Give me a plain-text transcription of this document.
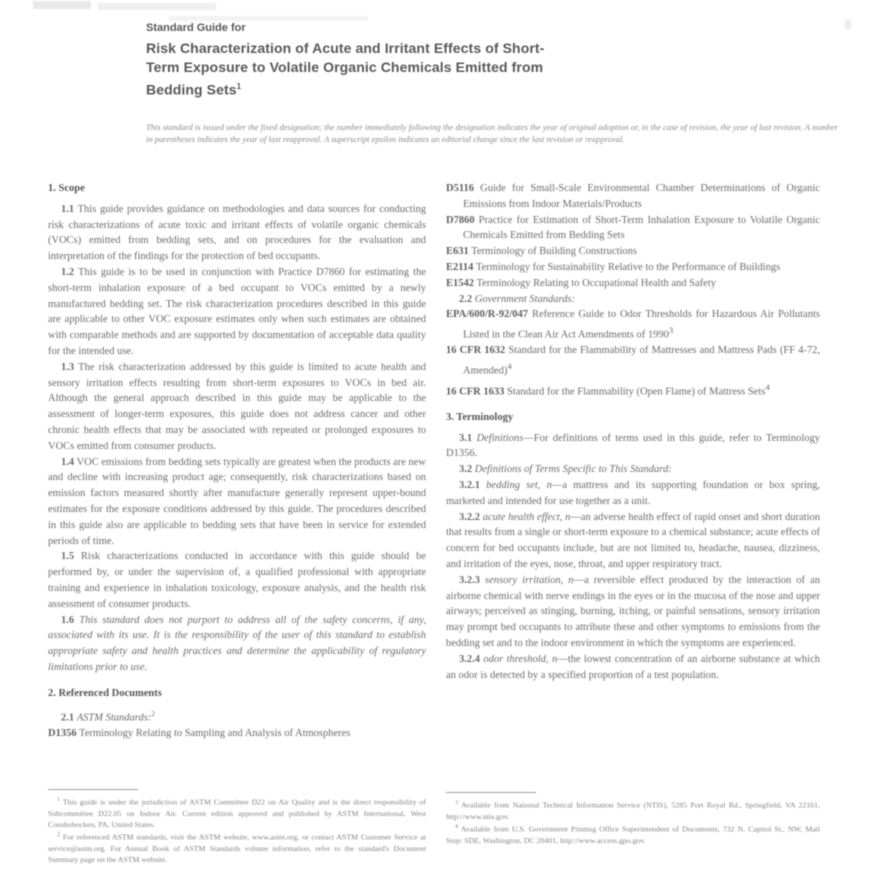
Standard Guide for
Risk Characterization of Acute and Irritant Effects of Short-
Term Exposure to Volatile Organic Chemicals Emitted from
Bedding Sets$^1$
This standard is issued under the fixed designation; the number immediately following the designation indicates the year of original adoption or, in the case of revision, the year of last revision. A number in parentheses indicates the year of last reapproval. A superscript epsilon indicates an editorial change since the last revision or reapproval.
1. Scope

1.1 This guide provides guidance on methodologies and data sources for conducting risk characterizations of acute toxic and irritant effects of volatile organic chemicals (VOCs) emitted from bedding sets, and on procedures for the evaluation and interpretation of the findings for the protection of bed occupants.

1.2 This guide is to be used in conjunction with Practice D7860 for estimating the short-term inhalation exposure of a bed occupant to VOCs emitted by a newly manufactured bedding set. The risk characterization procedures described in this guide are applicable to other VOC exposure estimates only when such estimates are obtained with comparable methods and are supported by documentation of acceptable data quality for the intended use.

1.3 The risk characterization addressed by this guide is limited to acute health and sensory irritation effects resulting from short-term exposures to VOCs in bed air. Although the general approach described in this guide may be applicable to the assessment of longer-term exposures, this guide does not address cancer and other chronic health effects that may be associated with repeated or prolonged exposures to VOCs emitted from consumer products.

1.4 VOC emissions from bedding sets typically are greatest when the products are new and decline with increasing product age; consequently, risk characterizations based on emission factors measured shortly after manufacture generally represent upper-bound estimates for the exposure conditions addressed by this guide. The procedures described in this guide also are applicable to bedding sets that have been in service for extended periods of time.

1.5 Risk characterizations conducted in accordance with this guide should be performed by, or under the supervision of, a qualified professional with appropriate training and experience in inhalation toxicology, exposure analysis, and the health risk assessment of consumer products.

1.6 This standard does not purport to address all of the safety concerns, if any, associated with its use. It is the responsibility of the user of this standard to establish appropriate safety and health practices and determine the applicability of regulatory limitations prior to use.

2. Referenced Documents

2.1 ASTM Standards:$^2$

D1356 Terminology Relating to Sampling and Analysis of Atmospheres
D5116 Guide for Small-Scale Environmental Chamber Determinations of Organic Emissions from Indoor Materials/Products
D7860 Practice for Estimation of Short-Term Inhalation Exposure to Volatile Organic Chemicals Emitted from Bedding Sets
E631 Terminology of Building Constructions
E2114 Terminology for Sustainability Relative to the Performance of Buildings
E1542 Terminology Relating to Occupational Health and Safety

2.2 Government Standards:

EPA/600/R-92/047 Reference Guide to Odor Thresholds for Hazardous Air Pollutants Listed in the Clean Air Act Amendments of 1990$^3$
16 CFR 1632 Standard for the Flammability of Mattresses and Mattress Pads (FF 4-72, Amended)$^4$
16 CFR 1633 Standard for the Flammability (Open Flame) of Mattress Sets$^4$
3. Terminology

3.1 Definitions—For definitions of terms used in this guide, refer to Terminology D1356.

3.2 Definitions of Terms Specific to This Standard:

3.2.1 bedding set, n—a mattress and its supporting foundation or box spring, marketed and intended for use together as a unit.

3.2.2 acute health effect, n—an adverse health effect of rapid onset and short duration that results from a single or short-term exposure to a chemical substance; acute effects of concern for bed occupants include, but are not limited to, headache, nausea, dizziness, and irritation of the eyes, nose, throat, and upper respiratory tract.

3.2.3 sensory irritation, n—a reversible effect produced by the interaction of an airborne chemical with nerve endings in the eyes or in the mucosa of the nose and upper airways; perceived as stinging, burning, itching, or painful sensations, sensory irritation may prompt bed occupants to attribute these and other symptoms to emissions from the bedding set and to the indoor environment in which the symptoms are experienced.

3.2.4 odor threshold, n—the lowest concentration of an airborne substance at which an odor is detected by a specified proportion of a test population.

$^1$ This guide is under the jurisdiction of ASTM Committee D22 on Air Quality and is the direct responsibility of Subcommittee D22.05 on Indoor Air. Current edition approved and published by ASTM International, West Conshohocken, PA, United States.

$^2$ For referenced ASTM standards, visit the ASTM website, www.astm.org, or contact ASTM Customer Service at service@astm.org. For Annual Book of ASTM Standards volume information, refer to the standard's Document Summary page on the ASTM website.

$^3$ Available from National Technical Information Service (NTIS), 5285 Port Royal Rd., Springfield, VA 22161, http://www.ntis.gov.

$^4$ Available from U.S. Government Printing Office Superintendent of Documents, 732 N. Capitol St., NW, Mail Stop: SDE, Washington, DC 20401, http://www.access.gpo.gov.
